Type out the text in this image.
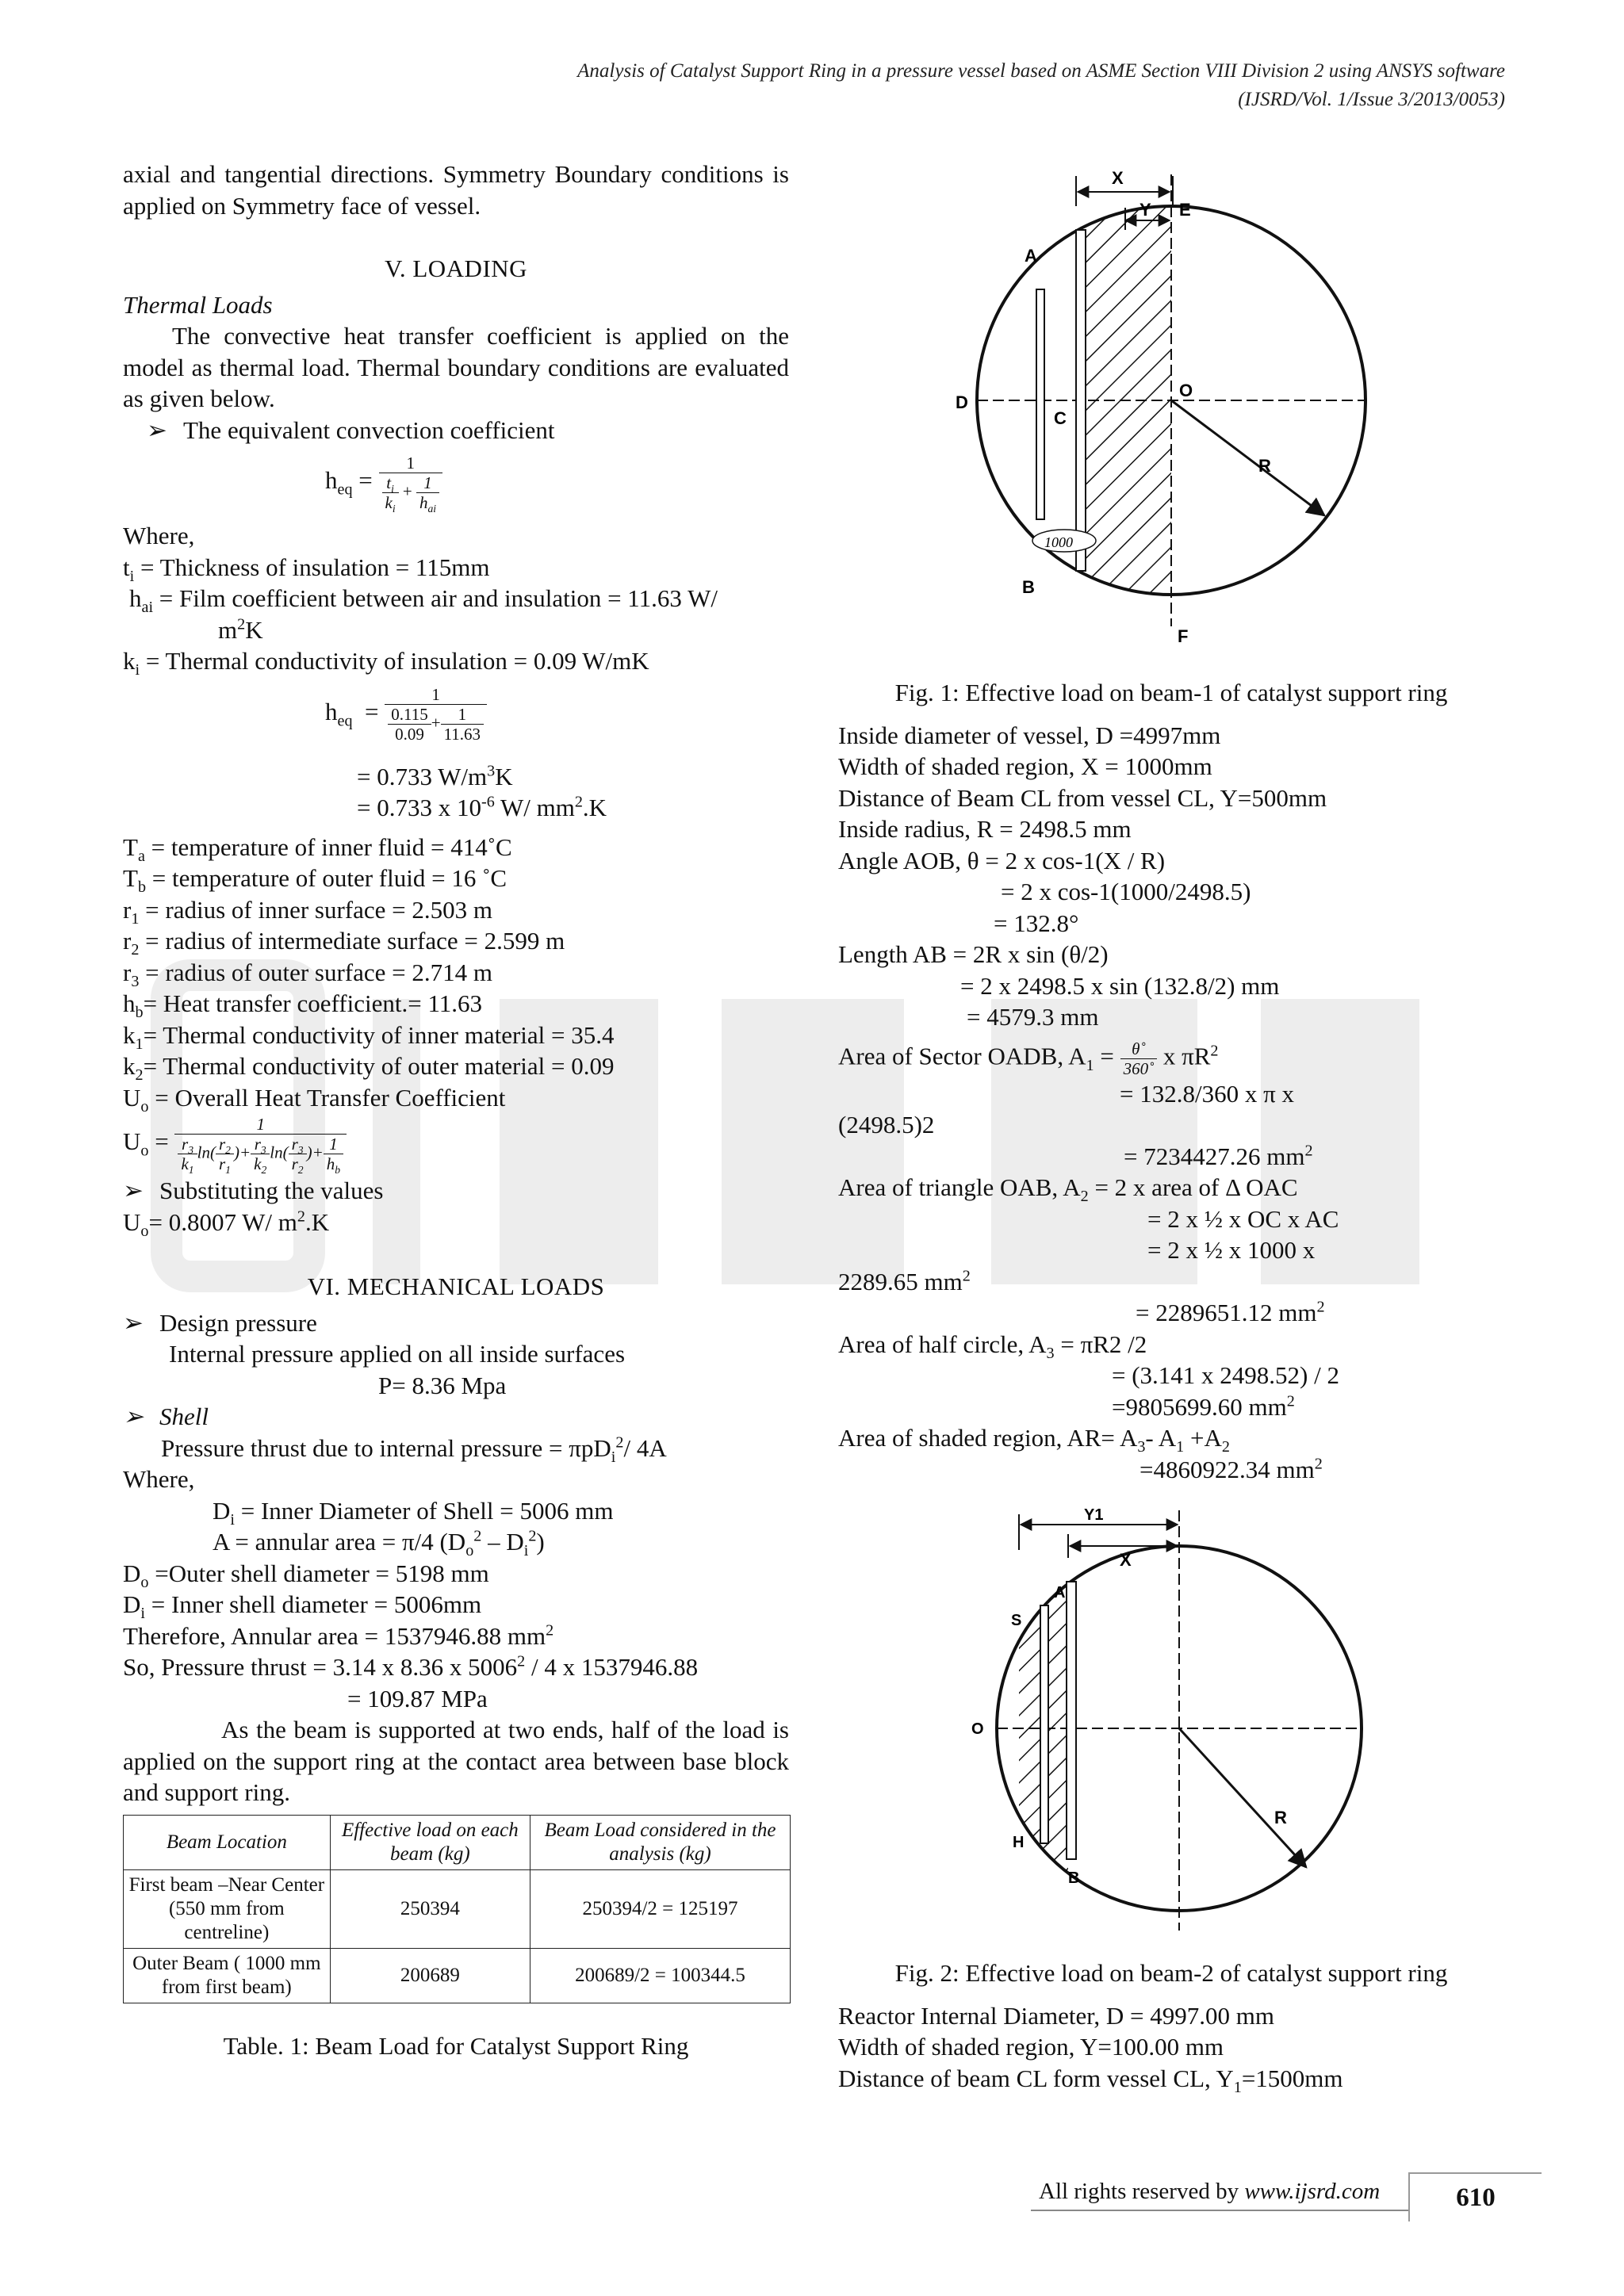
Analysis of Catalyst Support Ring in a pressure vessel based on ASME Section VIII Division 2 using ANSYS software
(IJSRD/Vol. 1/Issue 3/2013/0053)

axial and tangential directions. Symmetry Boundary conditions is applied on Symmetry face of vessel.

V. LOADING

Thermal Loads

The convective heat transfer coefficient is applied on the model as thermal load. Thermal boundary conditions are evaluated as given below.

➢ The equivalent convection coefficient

$h_{eq} = \frac{1}{\frac{t_i}{k_i} + \frac{1}{h_{ai}}}$

Where,

$t_i$ = Thickness of insulation = 115mm

$h_{ai}$ = Film coefficient between air and insulation = 11.63 W/

$m^2K$

$k_i$ = Thermal conductivity of insulation = 0.09 W/mK

$h_{eq} = \frac{1}{\frac{0.115}{0.09} + \frac{1}{11.63}}$

= 0.733 $W/m^3K$

= 0.733 x $10^{-6}$ W/ $mm^2.K$

$T_a$ = temperature of inner fluid = 414˚C

$T_b$ = temperature of outer fluid = 16 ˚C

$r_1$ = radius of inner surface = 2.503 m

$r_2$ = radius of intermediate surface = 2.599 m

$r_3$ = radius of outer surface = 2.714 m

$h_b=$ Heat transfer coefficient.= 11.63

$k_1=$ Thermal conductivity of inner material = 35.4

$k_2=$ Thermal conductivity of outer material = 0.09

$U_o$ = Overall Heat Transfer Coefficient

$U_o = \frac{1}{\frac{r_3}{k_1} \ln( \frac{r_2}{r_1} )+ \frac{r_3}{k_2} \ln( \frac{r_3}{r_2} )+ \frac{1}{h_b}}$

➢ Substituting the values

$U_o= 0.8007$ W/ $m^2.K$

VI. MECHANICAL LOADS

➢ Design pressure

Internal pressure applied on all inside surfaces

P= 8.36 Mpa

➢ Shell

Pressure thrust due to internal pressure = πpD$_i^2$/ 4A

Where,

$D_i$ = Inner Diameter of Shell = 5006 mm

A = annular area = π/4 $(D_o^2 - D_i^2)$

$D_o$ =Outer shell diameter = 5198 mm

$D_i$ = Inner shell diameter = 5006mm

Therefore, Annular area = 1537946.88 $mm^2$

So, Pressure thrust = 3.14 x 8.36 x 5006$^2$ / 4 x 1537946.88

= 109.87 MPa

As the beam is supported at two ends, half of the load is applied on the support ring at the contact area between base block and support ring.

Beam Location	Effective load on each beam (kg)	Beam Load considered in the analysis (kg)
First beam –Near Center (550 mm from centreline)	250394	250394/2 = 125197
Outer Beam ( 1000 mm from first beam)	200689	200689/2 = 100344.5

Table. 1: Beam Load for Catalyst Support Ring

X
Y E
A
D
O
C
R
B
F
1000

Fig. 1: Effective load on beam-1 of catalyst support ring

Inside diameter of vessel, D =4997mm

Width of shaded region, X = 1000mm

Distance of Beam CL from vessel CL, Y=500mm

Inside radius, R = 2498.5 mm

Angle AOB, θ = 2 x cos-1(X / R)

= 2 x cos-1(1000/2498.5)

= 132.8°

Length AB = 2R x sin (θ/2)

= 2 x 2498.5 x sin (132.8/2) mm

= 4579.3 mm

Area of Sector OADB, $A_1 = \frac{\theta˚}{360˚}$ x $\pi R^2$

= 132.8/360 x π x

(2498.5)2

= 7234427.26 $mm^2$

Area of triangle OAB, $A_2 = 2$ x area of Δ OAC

= 2 x ½ x OC x AC

= 2 x ½ x 1000 x

2289.65 $mm^2$

= 2289651.12 $mm^2$

Area of half circle, $A_3 = \pi R2$ /2

= (3.141 x 2498.52) / 2

=9805699.60 $mm^2$

Area of shaded region, $AR= A_3-$ $A_1 +A_2$

=4860922.34 $mm^2$

Y1
X
A
S
O
R
H
B

Fig. 2: Effective load on beam-2 of catalyst support ring

Reactor Internal Diameter, D = 4997.00 mm

Width of shaded region, Y=100.00 mm

Distance of beam CL form vessel CL, $Y_1=1500mm$

All rights reserved by www.ijsrd.com	610
